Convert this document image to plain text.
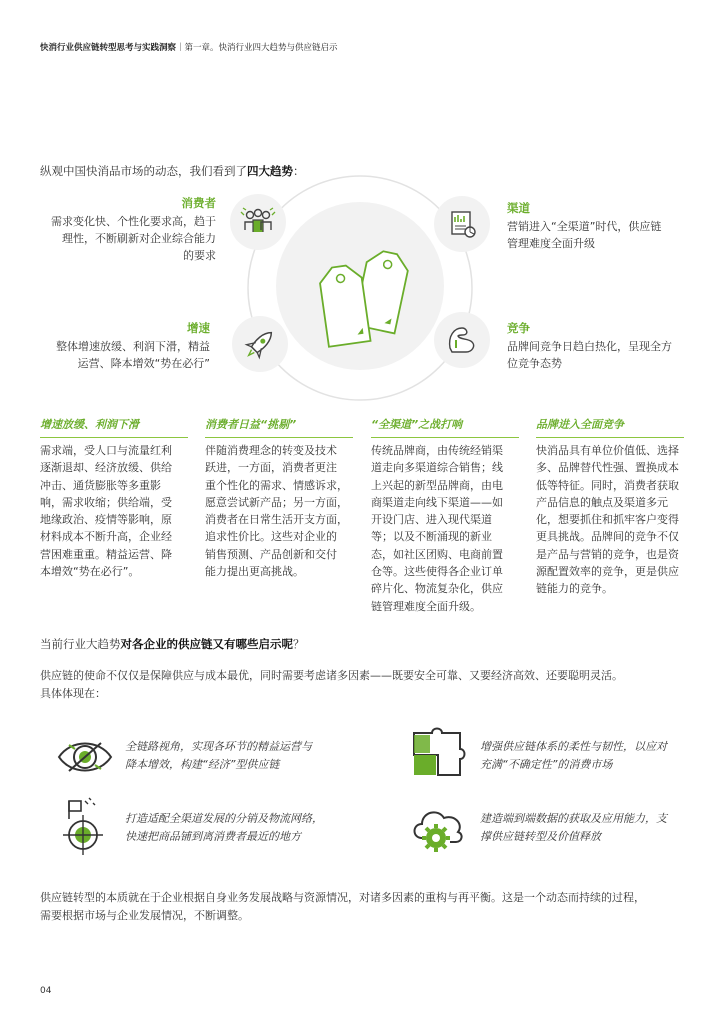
快消行业供应链转型思考与实践洞察｜第一章。快消行业四大趋势与供应链启示
纵观中国快消品市场的动态，我们看到了四大趋势：
消费者
需求变化快、个性化要求高，趋于
理性，不断刷新对企业综合能力
的要求
渠道
营销进入“全渠道”时代，供应链
管理难度全面升级
增速
整体增速放缓、利润下滑，精益
运营、降本增效“势在必行”
竞争
品牌间竞争日趋白热化，呈现全方
位竞争态势
增速放缓、利润下滑
需求端，受人口与流量红利
逐渐退却、经济放缓、供给
冲击、通货膨胀等多重影
响，需求收缩；供给端，受
地缘政治、疫情等影响，原
材料成本不断升高，企业经
营困难重重。精益运营、降
本增效“势在必行”。
消费者日益“挑剔”
伴随消费理念的转变及技术
跃进，一方面，消费者更注
重个性化的需求、情感诉求，
愿意尝试新产品；另一方面，
消费者在日常生活开支方面，
追求性价比。这些对企业的
销售预测、产品创新和交付
能力提出更高挑战。
“全渠道”之战打响
传统品牌商，由传统经销渠
道走向多渠道综合销售；线
上兴起的新型品牌商，由电
商渠道走向线下渠道——如
开设门店、进入现代渠道
等；以及不断涌现的新业
态，如社区团购、电商前置
仓等。这些使得各企业订单
碎片化、物流复杂化，供应
链管理难度全面升级。
品牌进入全面竞争
快消品具有单位价值低、选择
多、品牌替代性强、置换成本
低等特征。同时，消费者获取
产品信息的触点及渠道多元
化，想要抓住和抓牢客户变得
更具挑战。品牌间的竞争不仅
是产品与营销的竞争，也是资
源配置效率的竞争，更是供应
链能力的竞争。
当前行业大趋势对各企业的供应链又有哪些启示呢？
供应链的使命不仅仅是保障供应与成本最优，同时需要考虑诸多因素——既要安全可靠、又要经济高效、还要聪明灵活。
具体体现在：
全链路视角，实现各环节的精益运营与
降本增效，构建“经济”型供应链
增强供应链体系的柔性与韧性，以应对
充满“不确定性”的消费市场
打造适配全渠道发展的分销及物流网络，
快速把商品铺到离消费者最近的地方
建造端到端数据的获取及应用能力，支
撑供应链转型及价值释放
供应链转型的本质就在于企业根据自身业务发展战略与资源情况，对诸多因素的重构与再平衡。这是一个动态而持续的过程，
需要根据市场与企业发展情况，不断调整。
04
